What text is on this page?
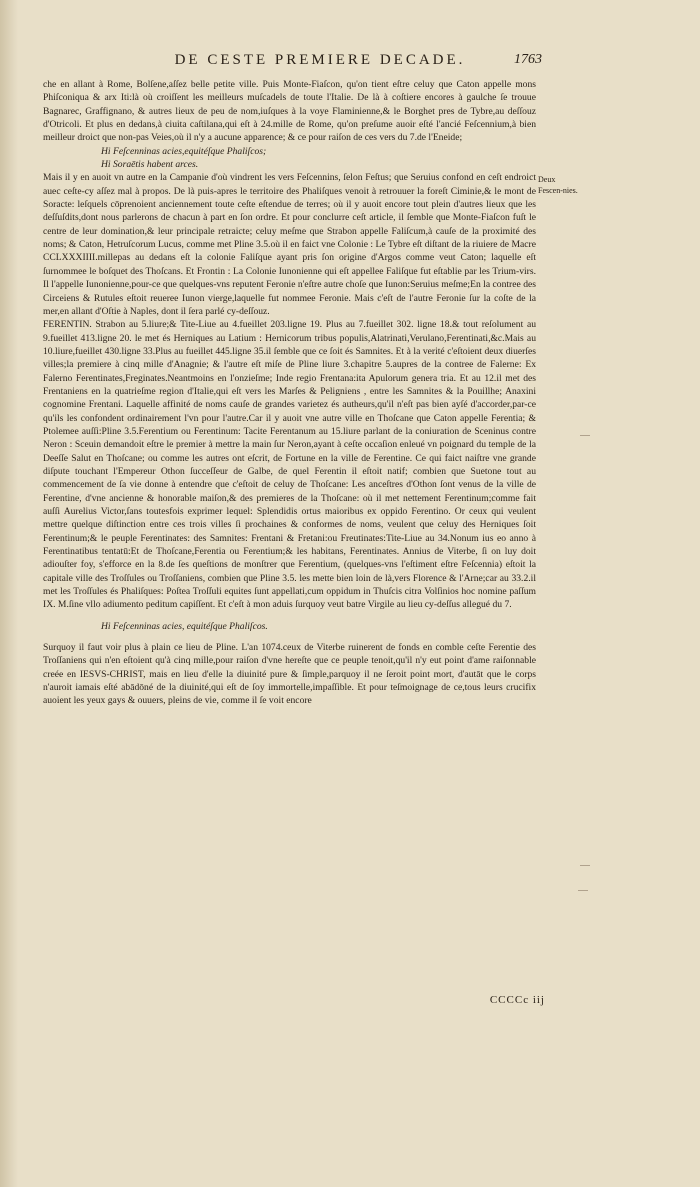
DE CESTE PREMIERE DECADE.	1763

che en allant à Rome, Bolſene,aſſez belle petite ville. Puis Monte-Fiaſcon, qu'on tient eſtre celuy que Caton appelle mons Phiſconiqua & arx Iti:là où croiſſent les meilleurs muſcadels de toute l'Italie. De là à coſtiere encores à gaulche ſe trouue Bagnarec, Graffignano, & autres lieux de peu de nom,iuſques à la voye Flaminienne,& le Borghet pres de Tybre,au deſſouz d'Otricoli. Et plus en dedans,à ciuita caſtilana,qui eſt à 24.mille de Rome, qu'on preſume auoir eſté l'ancié Feſcennium,à bien meilleur droict que non-pas Veies,où il n'y a aucune apparence; & ce pour raiſon de ces vers du 7.de l'Eneide;

Hi Feſcenninas acies,equitéſque Phaliſcos;

Hi Soraētis habent arces.

Mais il y en auoit vn autre en la Campanie d'où vindrent les vers Feſcennins, ſelon Feſtus; que Seruius confond en ceſt endroict auec ceſte-cy aſſez mal à propos. De là puis-apres le territoire des Phaliſques venoit à retrouuer la foreſt Ciminie,& le mont de Soracte: leſquels cōprenoient anciennement toute ceſte eſtendue de terres; où il y auoit encore tout plein d'autres lieux que les deſſuſdits,dont nous parlerons de chacun à part en ſon ordre. Et pour conclurre ceſt article, il ſemble que Monte-Fiaſcon fuſt le centre de leur domination,& leur principale retraicte; celuy meſme que Strabon appelle Faliſcum,à cauſe de la proximité des noms; & Caton, Hetruſcorum Lucus, comme met Pline 3.5.où il en faict vne Colonie : Le Tybre eſt diſtant de la riuiere de Macre CCLXXXIIII.millepas au dedans eſt la colonie Faliſque ayant pris ſon origine d'Argos comme veut Caton; laquelle eſt ſurnommee le boſquet des Thoſcans. Et Frontin : La Colonie Iunonienne qui eſt appellee Faliſque fut eſtablie par les Trium-virs. Il l'appelle Iunonienne,pour-ce que quelques-vns reputent Feronie n'eſtre autre choſe que Iunon:Seruius meſme;En la contree des Circeiens & Rutules eſtoit reueree Iunon vierge,laquelle fut nommee Feronie. Mais c'eſt de l'autre Feronie ſur la coſte de la mer,en allant d'Oſtie à Naples, dont il ſera parlé cy-deſſouz.

FERENTIN. Strabon au 5.liure;& Tite-Liue au 4.fueillet 203.ligne 19. Plus au 7.fueillet 302. ligne 18.& tout reſolument au 9.fueillet 413.ligne 20. le met és Herniques au Latium : Hernicorum tribus populis,Alatrinati,Verulano,Ferentinati,&c.Mais au 10.liure,fueillet 430.ligne 33.Plus au fueillet 445.ligne 35.il ſemble que ce ſoit és Samnites. Et à la verité c'eſtoient deux diuerſes villes;la premiere à cinq mille d'Anagnie; & l'autre eſt miſe de Pline liure 3.chapitre 5.aupres de la contree de Falerne: Ex Falerno Ferentinates,Freginates.Neantmoins en l'onzieſme; Inde regio Frentana:ita Apulorum genera tria. Et au 12.il met des Frentaniens en la quatrieſme region d'Italie,qui eſt vers les Marſes & Peligniens , entre les Samnites & la Pouillhe; Anaxini cognomine Frentani. Laquelle affinité de noms cauſe de grandes varietez és autheurs,qu'il n'eſt pas bien ayſé d'accorder,par-ce qu'ils les confondent ordinairement l'vn pour l'autre.Car il y auoit vne autre ville en Thoſcane que Caton appelle Ferentia; & Ptolemee auſſi:Pline 3.5.Ferentium ou Ferentinum: Tacite Ferentanum au 15.liure parlant de la coniuration de Sceninus contre Neron : Sceuin demandoit eſtre le premier à mettre la main ſur Neron,ayant à ceſte occaſion enleué vn poignard du temple de la Deeſſe Salut en Thoſcane; ou comme les autres ont eſcrit, de Fortune en la ville de Ferentine. Ce qui faict naiſtre vne grande diſpute touchant l'Empereur Othon ſucceſſeur de Galbe, de quel Ferentin il eſtoit natif; combien que Suetone tout au commencement de ſa vie donne à entendre que c'eſtoit de celuy de Thoſcane: Les anceſtres d'Othon ſont venus de la ville de Ferentine, d'vne ancienne & honorable maiſon,& des premieres de la Thoſcane: où il met nettement Ferentinum;comme fait auſſi Aurelius Victor,ſans toutesfois exprimer lequel: Splendidis ortus maioribus ex oppido Ferentino. Or ceux qui veulent mettre quelque diſtinction entre ces trois villes ſi prochaines & conformes de noms, veulent que celuy des Herniques ſoit Ferentinum;& le peuple Ferentinates: des Samnites: Frentani & Fretani:ou Freutinates:Tite-Liue au 34.Nonum ius eo anno à Ferentinatibus tentatū:Et de Thoſcane,Ferentia ou Ferentium;& les habitans, Ferentinates. Annius de Viterbe, ſi on luy doit adiouſter foy, s'efforce en la 8.de ſes queſtions de monſtrer que Ferentium, (quelques-vns l'eſtiment eſtre Feſcennia) eſtoit la capitale ville des Troſſules ou Troſſaniens, combien que Pline 3.5. les mette bien loin de là,vers Florence & l'Arne;car au 33.2.il met les Troſſules és Phaliſques: Poſtea Troſſuli equites ſunt appellati,cum oppidum in Thuſcis citra Volſinios hoc nomine paſſum IX. M.ſine vllo adiumento peditum capiſſent. Et c'eſt à mon aduis ſurquoy veut batre Virgile au lieu cy-deſſus allegué du 7.

Hi Feſcenninas acies, equitéſque Phaliſcos.

Surquoy il faut voir plus à plain ce lieu de Pline. L'an 1074.ceux de Viterbe ruinerent de fonds en comble ceſte Ferentie des Troſſaniens qui n'en eſtoient qu'à cinq mille,pour raiſon d'vne hereſte que ce peuple tenoit,qu'il n'y eut point d'ame raiſonnable creée en IESVS-CHRIST, mais en lieu d'elle la diuinité pure & ſimple,parquoy il ne ſeroit point mort, d'autāt que le corps n'auroit iamais eſté abādōné de la diuinité,qui eſt de ſoy immortelle,impaſſible. Et pour teſmoignage de ce,tous leurs crucifix auoient les yeux gays & ouuers, pleins de vie, comme il ſe voit encore

Deux Fescen-nies.
CCCCc iij
